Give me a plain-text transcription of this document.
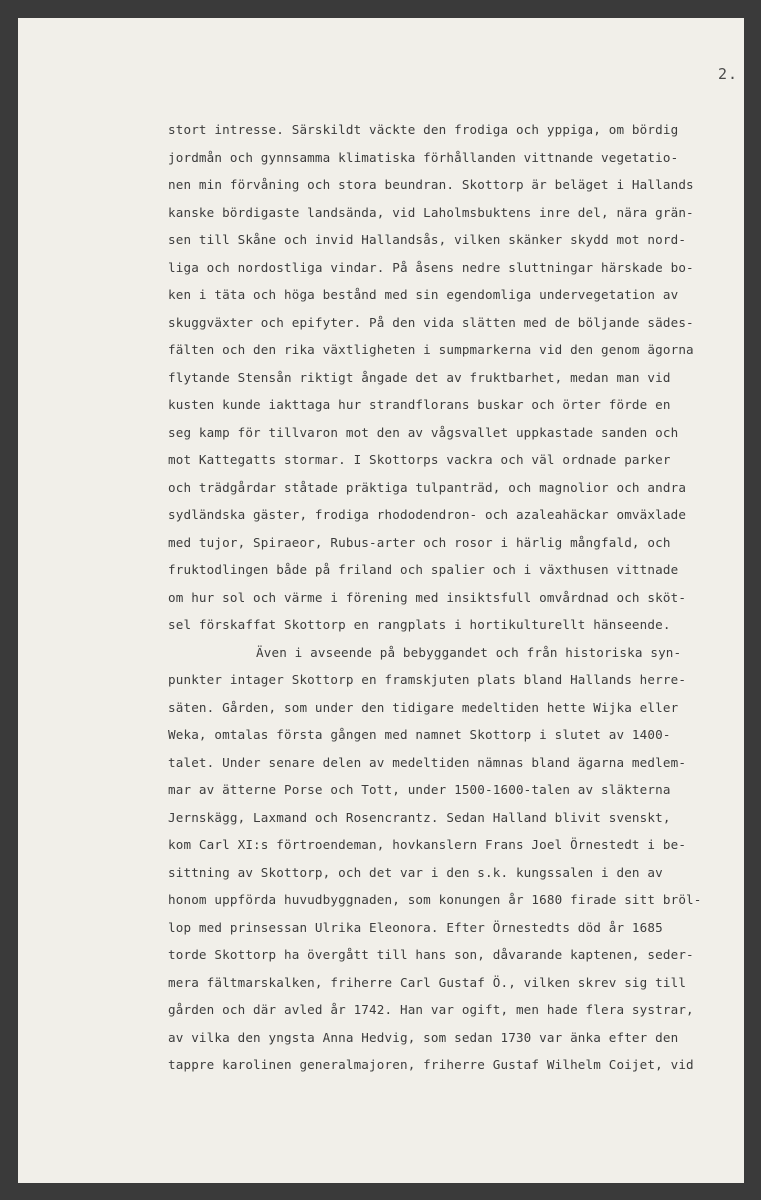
2.
stort intresse. Särskildt väckte den frodiga och yppiga, om bördig
jordmån och gynnsamma klimatiska förhållanden vittnande vegetatio-
nen min förvåning och stora beundran. Skottorp är beläget i Hallands
kanske bördigaste landsända, vid Laholmsbuktens inre del, nära grän-
sen till Skåne och invid Hallandsås, vilken skänker skydd mot nord-
liga och nordostliga vindar. På åsens nedre sluttningar härskade bo-
ken i täta och höga bestånd med sin egendomliga undervegetation av
skuggväxter och epifyter. På den vida slätten med de böljande sädes-
fälten och den rika växtligheten i sumpmarkerna vid den genom ägorna
flytande Stensån riktigt ångade det av fruktbarhet, medan man vid
kusten kunde iakttaga hur strandflorans buskar och örter förde en
seg kamp för tillvaron mot den av vågsvallet uppkastade sanden och
mot Kattegatts stormar. I Skottorps vackra och väl ordnade parker
och trädgårdar ståtade präktiga tulpanträd, och magnolior och andra
sydländska gäster, frodiga rhododendron- och azaleahäckar omväxlade
med tujor, Spiraeor, Rubus-arter och rosor i härlig mångfald, och
fruktodlingen både på friland och spalier och i växthusen vittnade
om hur sol och värme i förening med insiktsfull omvårdnad och sköt-
sel förskaffat Skottorp en rangplats i hortikulturellt hänseende.
Även i avseende på bebyggandet och från historiska syn-
punkter intager Skottorp en framskjuten plats bland Hallands herre-
säten. Gården, som under den tidigare medeltiden hette Wijka eller
Weka, omtalas första gången med namnet Skottorp i slutet av 1400-
talet. Under senare delen av medeltiden nämnas bland ägarna medlem-
mar av ätterne Porse och Tott, under 1500-1600-talen av släkterna
Jernskägg, Laxmand och Rosencrantz. Sedan Halland blivit svenskt,
kom Carl XI:s förtroendeman, hovkanslern Frans Joel Örnestedt i be-
sittning av Skottorp, och det var i den s.k. kungssalen i den av
honom uppförda huvudbyggnaden, som konungen år 1680 firade sitt bröl-
lop med prinsessan Ulrika Eleonora. Efter Örnestedts död år 1685
torde Skottorp ha övergått till hans son, dåvarande kaptenen, seder-
mera fältmarskalken, friherre Carl Gustaf Ö., vilken skrev sig till
gården och där avled år 1742. Han var ogift, men hade flera systrar,
av vilka den yngsta Anna Hedvig, som sedan 1730 var änka efter den
tappre karolinen generalmajoren, friherre Gustaf Wilhelm Coijet, vid
